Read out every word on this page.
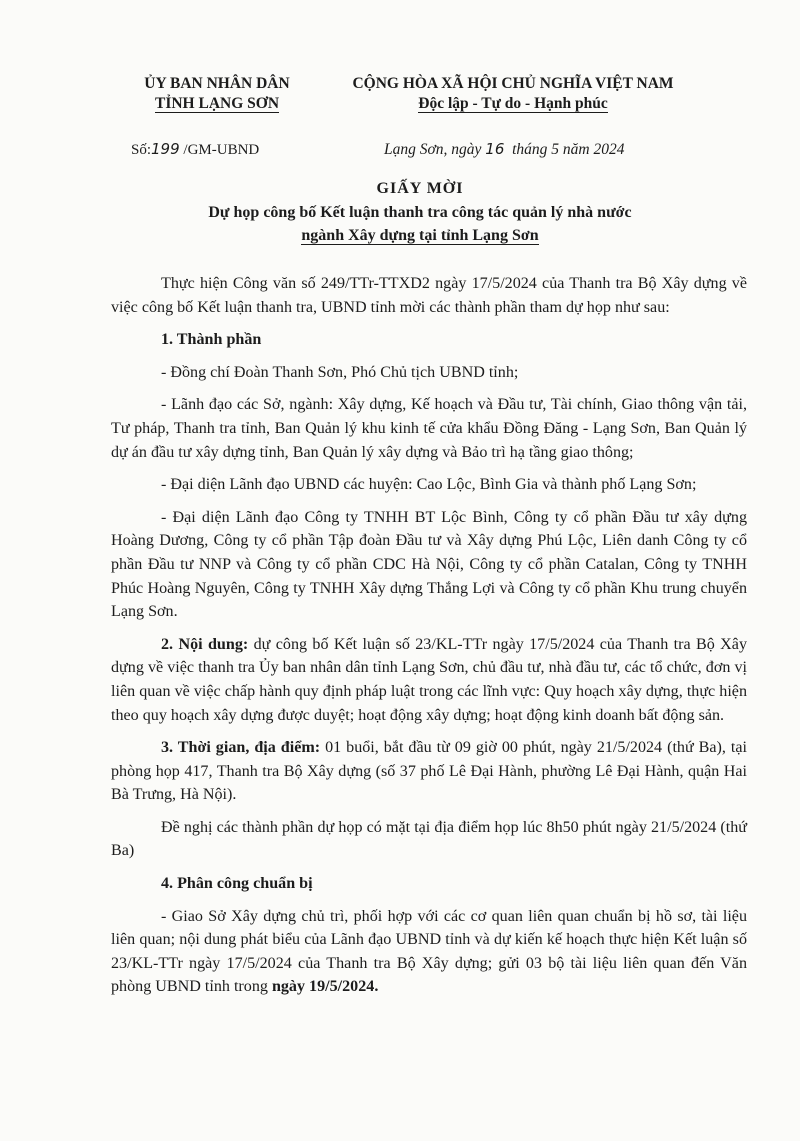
ỦY BAN NHÂN DÂN
TỈNH LẠNG SƠN
CỘNG HÒA XÃ HỘI CHỦ NGHĨA VIỆT NAM
Độc lập - Tự do - Hạnh phúc
Số:199 /GM-UBND	Lạng Sơn, ngày 16 tháng 5 năm 2024
GIẤY MỜI
Dự họp công bố Kết luận thanh tra công tác quản lý nhà nước
ngành Xây dựng tại tỉnh Lạng Sơn

Thực hiện Công văn số 249/TTr-TTXD2 ngày 17/5/2024 của Thanh tra Bộ Xây dựng về việc công bố Kết luận thanh tra, UBND tỉnh mời các thành phần tham dự họp như sau:

1. Thành phần

- Đồng chí Đoàn Thanh Sơn, Phó Chủ tịch UBND tỉnh;

- Lãnh đạo các Sở, ngành: Xây dựng, Kế hoạch và Đầu tư, Tài chính, Giao thông vận tải, Tư pháp, Thanh tra tỉnh, Ban Quản lý khu kinh tế cửa khẩu Đồng Đăng - Lạng Sơn, Ban Quản lý dự án đầu tư xây dựng tỉnh, Ban Quản lý xây dựng và Bảo trì hạ tầng giao thông;

- Đại diện Lãnh đạo UBND các huyện: Cao Lộc, Bình Gia và thành phố Lạng Sơn;

- Đại diện Lãnh đạo Công ty TNHH BT Lộc Bình, Công ty cổ phần Đầu tư xây dựng Hoàng Dương, Công ty cổ phần Tập đoàn Đầu tư và Xây dựng Phú Lộc, Liên danh Công ty cổ phần Đầu tư NNP và Công ty cổ phần CDC Hà Nội, Công ty cổ phần Catalan, Công ty TNHH Phúc Hoàng Nguyên, Công ty TNHH Xây dựng Thắng Lợi và Công ty cổ phần Khu trung chuyển Lạng Sơn.

2. Nội dung: dự công bố Kết luận số 23/KL-TTr ngày 17/5/2024 của Thanh tra Bộ Xây dựng về việc thanh tra Ủy ban nhân dân tỉnh Lạng Sơn, chủ đầu tư, nhà đầu tư, các tổ chức, đơn vị liên quan về việc chấp hành quy định pháp luật trong các lĩnh vực: Quy hoạch xây dựng, thực hiện theo quy hoạch xây dựng được duyệt; hoạt động xây dựng; hoạt động kinh doanh bất động sản.

3. Thời gian, địa điểm: 01 buổi, bắt đầu từ 09 giờ 00 phút, ngày 21/5/2024 (thứ Ba), tại phòng họp 417, Thanh tra Bộ Xây dựng (số 37 phố Lê Đại Hành, phường Lê Đại Hành, quận Hai Bà Trưng, Hà Nội).

Đề nghị các thành phần dự họp có mặt tại địa điểm họp lúc 8h50 phút ngày 21/5/2024 (thứ Ba)

4. Phân công chuẩn bị

- Giao Sở Xây dựng chủ trì, phối hợp với các cơ quan liên quan chuẩn bị hồ sơ, tài liệu liên quan; nội dung phát biểu của Lãnh đạo UBND tỉnh và dự kiến kế hoạch thực hiện Kết luận số 23/KL-TTr ngày 17/5/2024 của Thanh tra Bộ Xây dựng; gửi 03 bộ tài liệu liên quan đến Văn phòng UBND tỉnh trong ngày 19/5/2024.
